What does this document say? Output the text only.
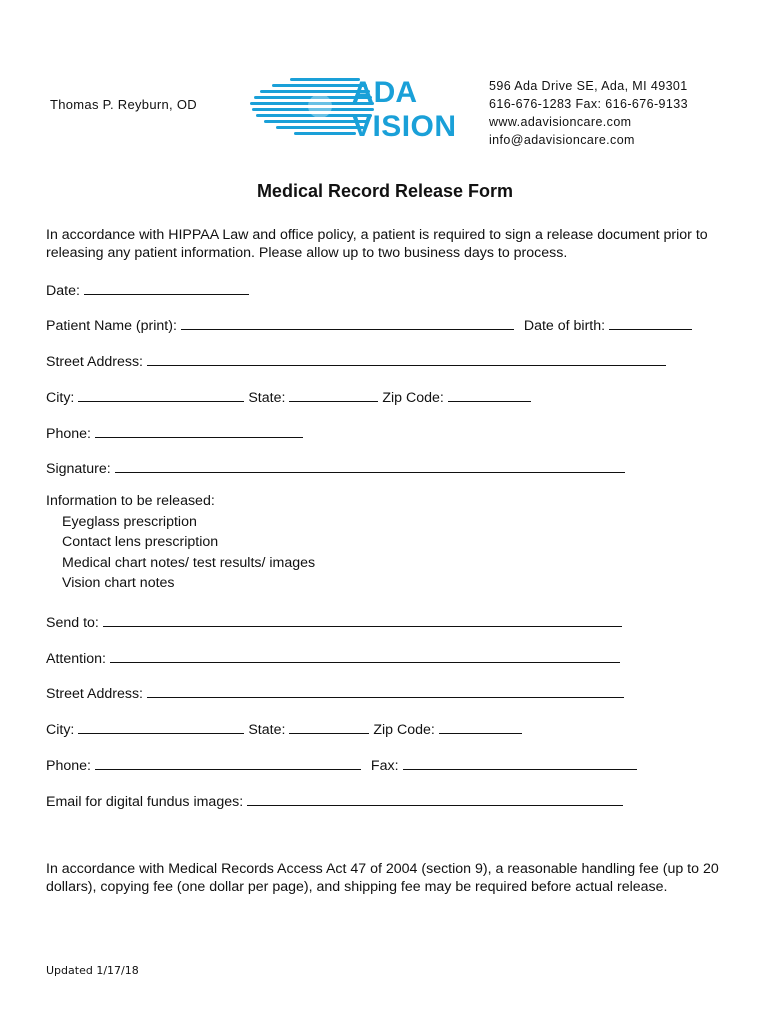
Thomas P. Reyburn, OD	ADA
VISION
596 Ada Drive SE, Ada, MI 49301
616-676-1283 Fax: 616-676-9133
www.adavisioncare.com
info@adavisioncare.com
Medical Record Release Form
In accordance with HIPPAA Law and office policy, a patient is required to sign a release document prior to releasing any patient information. Please allow up to two business days to process.
Date:
Patient Name (print):	Date of birth:
Street Address:
City:	State:	Zip Code:
Phone:
Signature:
Information to be released:
Eyeglass prescription
Contact lens prescription
Medical chart notes/ test results/ images
Vision chart notes
Send to:
Attention:
Street Address:
City:	State:	Zip Code:
Phone:	Fax:
Email for digital fundus images:
In accordance with Medical Records Access Act 47 of 2004 (section 9), a reasonable handling fee (up to 20 dollars), copying fee (one dollar per page), and shipping fee may be required before actual release.
Updated 1/17/18
